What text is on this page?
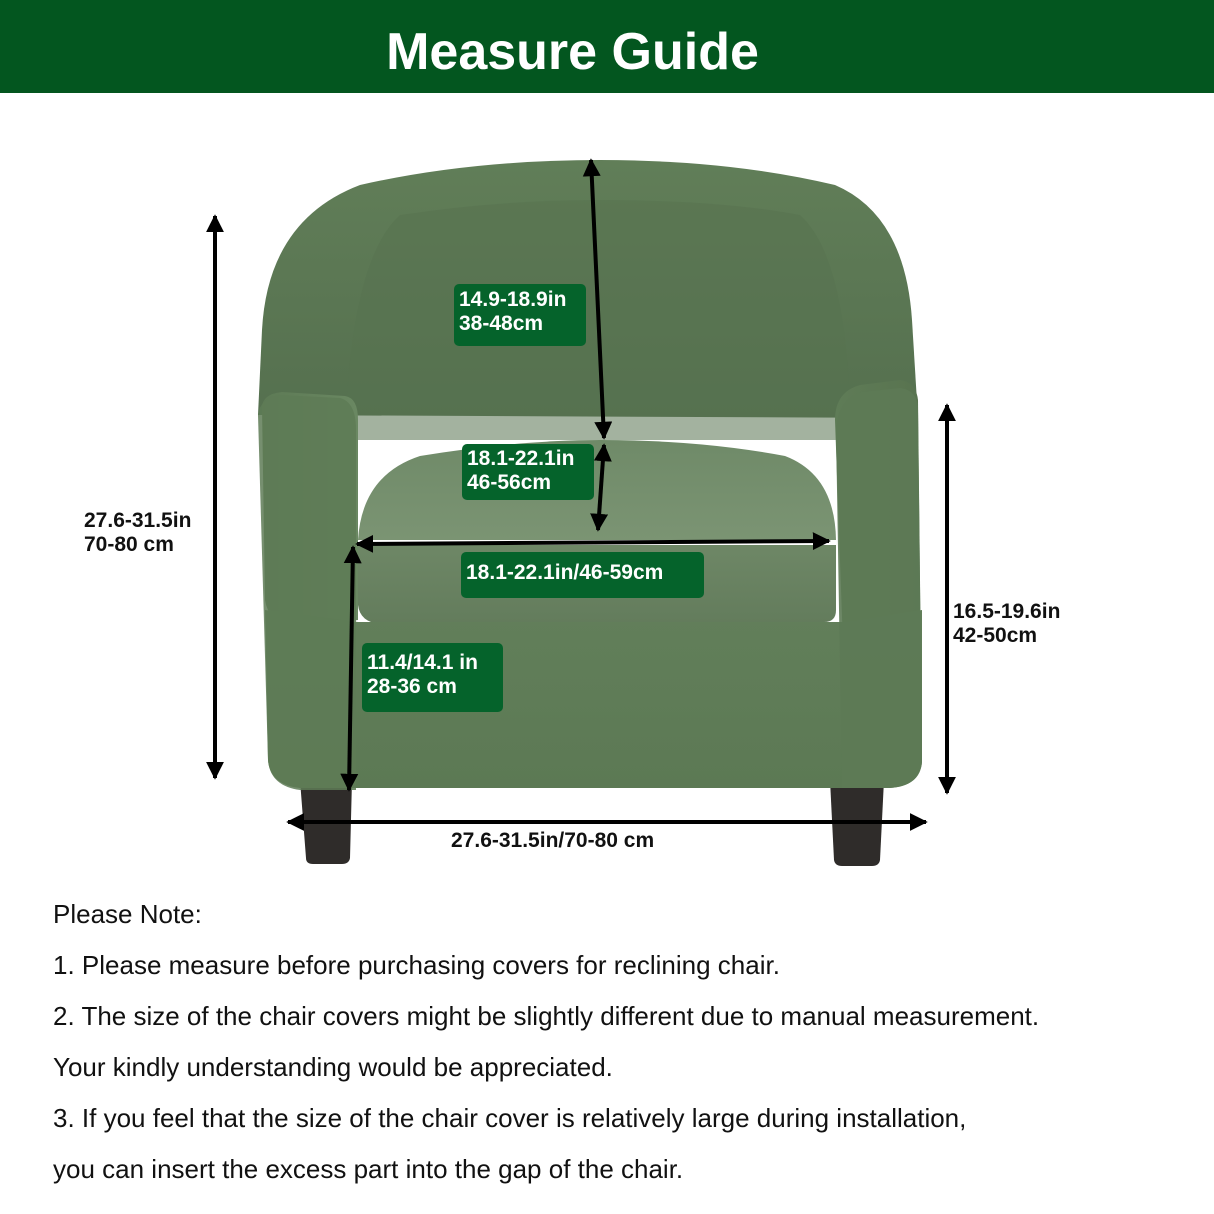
Measure Guide
14.9-18.9in
38-48cm
18.1-22.1in
46-56cm
18.1-22.1in/46-59cm
11.4/14.1 in
28-36 cm
27.6-31.5in
70-80 cm
16.5-19.6in
42-50cm
27.6-31.5in/70-80 cm
Please Note:
1. Please measure before purchasing covers for reclining chair.
2. The size of the chair covers might be slightly different due to manual measurement.
Your kindly understanding would be appreciated.
3. If you feel that the size of the chair cover is relatively large during installation,
you can insert the excess part into the gap of the chair.
